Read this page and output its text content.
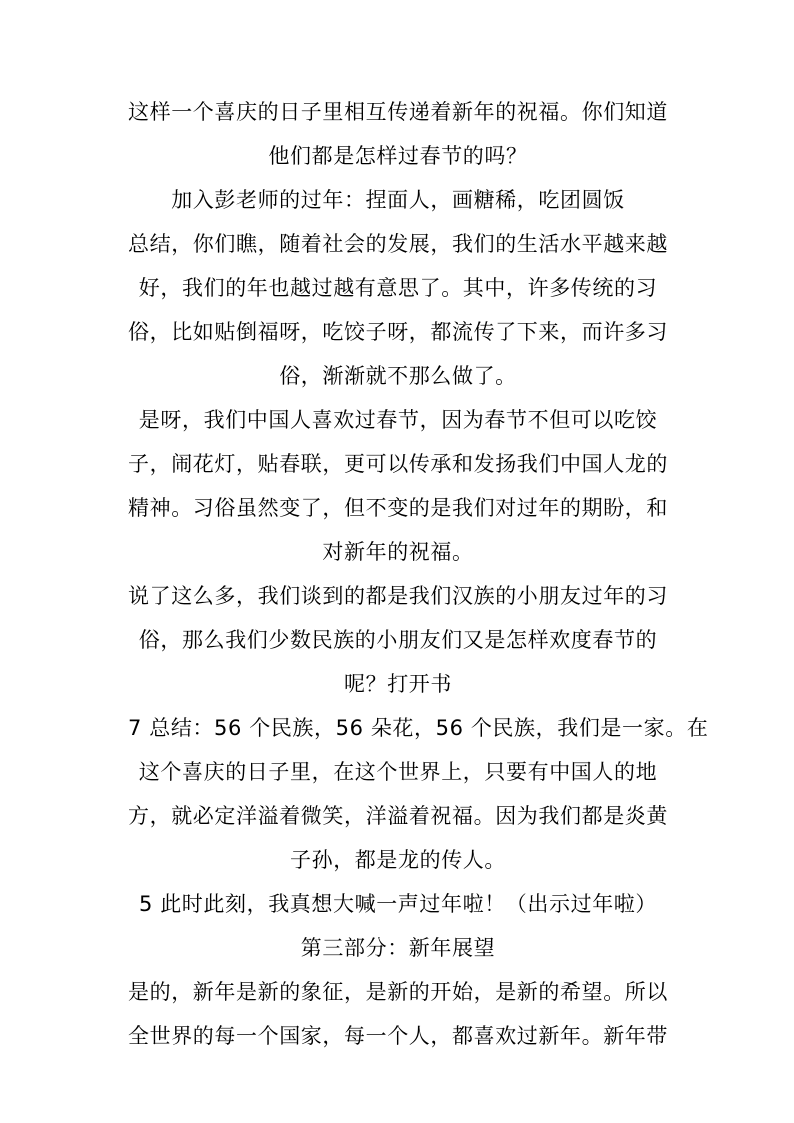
这样一个喜庆的日子里相互传递着新年的祝福。你们知道
他们都是怎样过春节的吗？
加入彭老师的过年：捏面人，画糖稀，吃团圆饭
总结，你们瞧，随着社会的发展，我们的生活水平越来越
好，我们的年也越过越有意思了。其中，许多传统的习
俗，比如贴倒福呀，吃饺子呀，都流传了下来，而许多习
俗，渐渐就不那么做了。
是呀，我们中国人喜欢过春节，因为春节不但可以吃饺
子，闹花灯，贴春联，更可以传承和发扬我们中国人龙的
精神。习俗虽然变了，但不变的是我们对过年的期盼，和
对新年的祝福。
说了这么多，我们谈到的都是我们汉族的小朋友过年的习
俗，那么我们少数民族的小朋友们又是怎样欢度春节的
呢？打开书
7 总结：56 个民族，56 朵花，56 个民族，我们是一家。在
这个喜庆的日子里，在这个世界上，只要有中国人的地
方，就必定洋溢着微笑，洋溢着祝福。因为我们都是炎黄
子孙，都是龙的传人。
5 此时此刻，我真想大喊一声过年啦！（出示过年啦）
第三部分：新年展望
是的，新年是新的象征，是新的开始，是新的希望。所以
全世界的每一个国家，每一个人，都喜欢过新年。新年带
